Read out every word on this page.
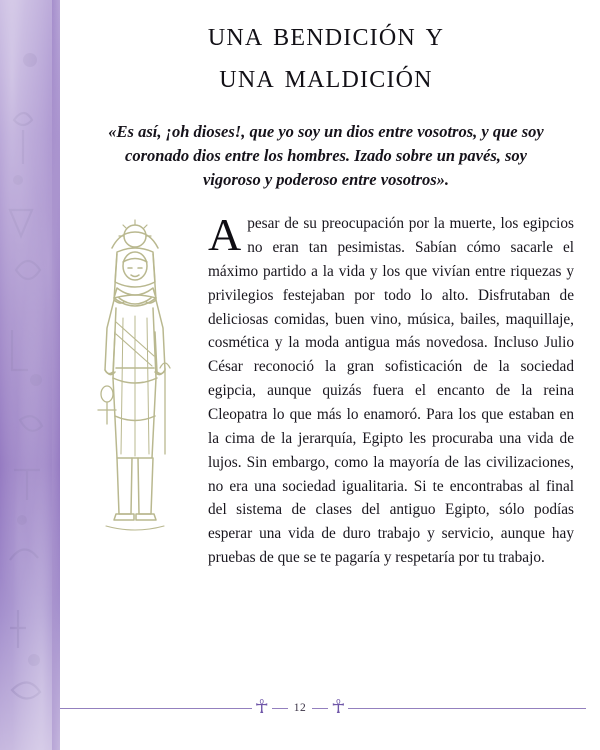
una bendición y
una maldición
«Es así, ¡oh dioses!, que yo soy un dios entre vosotros, y que soy coronado dios entre los hombres. Izado sobre un pavés, soy vigoroso y poderoso entre vosotros».

Apesar de su preocupación por la muerte, los egipcios no eran tan pesimistas. Sabían cómo sacarle el máximo partido a la vida y los que vivían entre riquezas y privilegios festejaban por todo lo alto. Disfrutaban de deliciosas comidas, buen vino, música, bailes, maquillaje, cosmética y la moda antigua más novedosa. Incluso Julio César reconoció la gran sofisticación de la sociedad egipcia, aunque quizás fuera el encanto de la reina Cleopatra lo que más lo enamoró. Para los que estaban en la cima de la jerarquía, Egipto les procuraba una vida de lujos. Sin embargo, como la mayoría de las civilizaciones, no era una sociedad igualitaria. Si te encontrabas al final del sistema de clases del antiguo Egipto, sólo podías esperar una vida de duro trabajo y servicio, aunque hay pruebas de que se te pagaría y respetaría por tu trabajo.

☥	12	☥
